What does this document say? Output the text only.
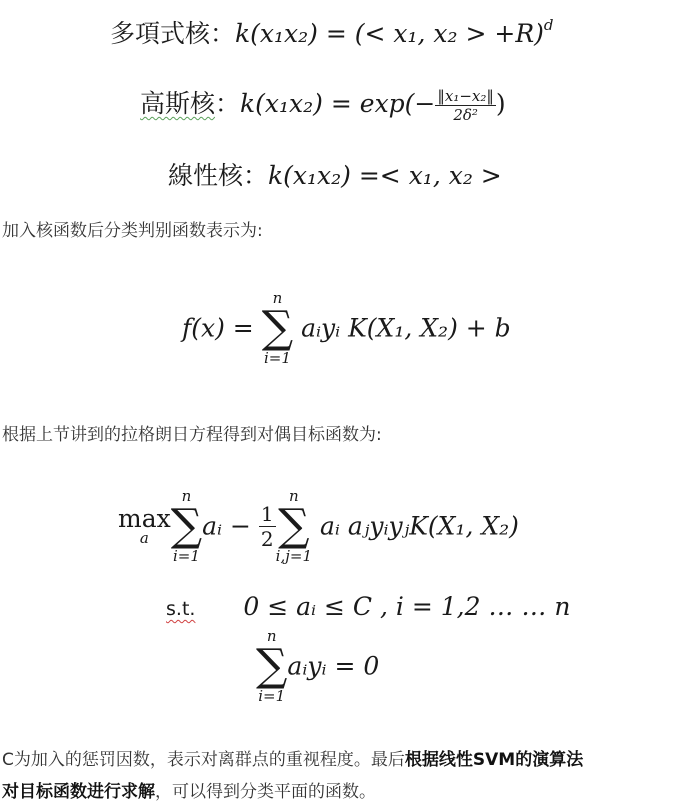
多項式核：k(x₁x₂) = (< x₁, x₂ > +R)$^d$
高斯核：$k(x_1x_2) = \exp(- \frac{\text{‖x₁−x₂‖}}{\text{2δ²}}$ )
線性核：k(x₁x₂) =< x₁, x₂ >
加入核函数后分类判别函数表示为:
f(x) =
n
∑
i=1
aᵢyᵢ K(X₁, X₂) + b
根据上节讲到的拉格朗日方程得到对偶目标函数为:
max
a
n
∑
i=1
aᵢ − $\frac{1}{2}$
n
∑
i,j=1
aᵢ aⱼyᵢyⱼK(X₁, X₂)
s.t. 0 ≤ aᵢ ≤ C , i = 1,2 … … n
n
∑
i=1
aᵢyᵢ = 0
C为加入的惩罚因数，表示对离群点的重视程度。最后根据线性SVM的演算法
对目标函数进行求解，可以得到分类平面的函数。
